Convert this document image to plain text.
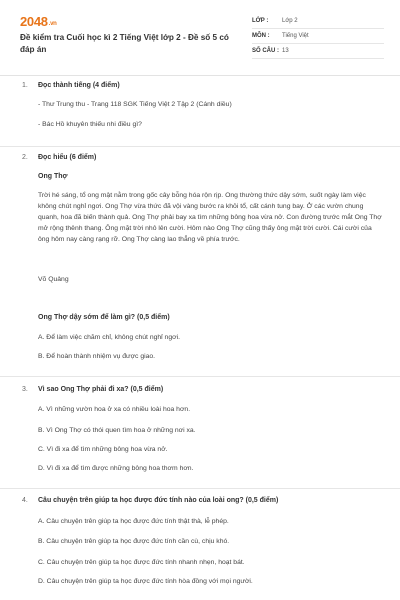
2048.vn
Đề kiểm tra Cuối học kì 2 Tiếng Việt lớp 2 - Đề số 5 có đáp án
LỚP :	Lớp 2
MÔN :	Tiếng Việt
SỐ CÂU : 13
1. Đọc thành tiếng (4 điểm)
- Thư Trung thu - Trang 118 SGK Tiếng Việt 2 Tập 2 (Cánh diều)
- Bác Hồ khuyên thiếu nhi điều gì?
2. Đọc hiểu (6 điểm)
Ong Thợ
Trời hé sáng, tổ ong mật nằm trong gốc cây bỗng hóa rộn rịp. Ong thường thức dậy sớm, suốt ngày làm việc không chút nghỉ ngơi. Ong Thợ vừa thức đã vội vàng bước ra khỏi tổ, cất cánh tung bay. Ở các vườn chung quanh, hoa đã biến thành quả. Ong Thợ phải bay xa tìm những bông hoa vừa nở. Con đường trước mắt Ong Thợ mở rộng thênh thang. Ông mặt trời nhô lên cười. Hôm nào Ong Thợ cũng thấy ông mặt trời cười. Cái cười của ông hôm nay càng rạng rỡ. Ong Thợ càng lao thẳng về phía trước.
Võ Quảng
Ong Thợ dậy sớm để làm gì? (0,5 điểm)
A. Để làm việc chăm chỉ, không chút nghỉ ngơi.
B. Để hoàn thành nhiệm vụ được giao.
3. Vì sao Ong Thợ phải đi xa? (0,5 điểm)
A. Vì những vườn hoa ở xa có nhiều loài hoa hơn.
B. Vì Ong Thợ có thói quen tìm hoa ở những nơi xa.
C. Vì đi xa để tìm những bông hoa vừa nở.
D. Vì đi xa để tìm được những bông hoa thơm hơn.
4. Câu chuyện trên giúp ta học được đức tính nào của loài ong? (0,5 điểm)
A. Câu chuyện trên giúp ta học được đức tính thật thà, lễ phép.
B. Câu chuyện trên giúp ta học được đức tính cần cù, chịu khó.
C. Câu chuyện trên giúp ta học được đức tính nhanh nhẹn, hoạt bát.
D. Câu chuyện trên giúp ta học được đức tính hòa đồng với mọi người.
